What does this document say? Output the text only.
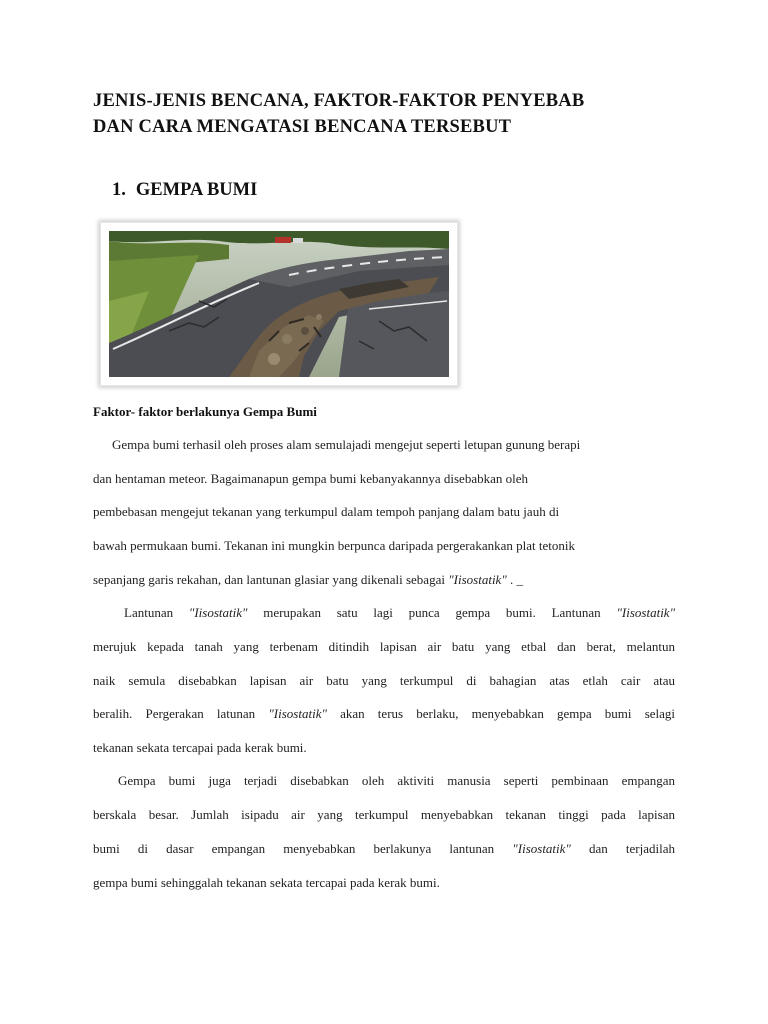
JENIS-JENIS BENCANA, FAKTOR-FAKTOR PENYEBAB
DAN CARA MENGATASI BENCANA TERSEBUT
1. GEMPA BUMI
Faktor- faktor berlakunya Gempa Bumi
Gempa bumi terhasil oleh proses alam semulajadi mengejut seperti letupan gunung berapi
dan hentaman meteor. Bagaimanapun gempa bumi kebanyakannya disebabkan oleh
pembebasan mengejut tekanan yang terkumpul dalam tempoh panjang dalam batu jauh di
bawah permukaan bumi. Tekanan ini mungkin berpunca daripada pergerakankan plat tetonik
sepanjang garis rekahan, dan lantunan glasiar yang dikenali sebagai "Iisostatik" . _
Lantunan "Iisostatik" merupakan satu lagi punca gempa bumi. Lantunan "Iisostatik"
merujuk kepada tanah yang terbenam ditindih lapisan air batu yang etbal dan berat, melantun
naik semula disebabkan lapisan air batu yang terkumpul di bahagian atas etlah cair atau
beralih. Pergerakan latunan "Iisostatik" akan terus berlaku, menyebabkan gempa bumi selagi
tekanan sekata tercapai pada kerak bumi.
Gempa bumi juga terjadi disebabkan oleh aktiviti manusia seperti pembinaan empangan
berskala besar. Jumlah isipadu air yang terkumpul menyebabkan tekanan tinggi pada lapisan
bumi di dasar empangan menyebabkan berlakunya lantunan "Iisostatik" dan terjadilah
gempa bumi sehinggalah tekanan sekata tercapai pada kerak bumi.
